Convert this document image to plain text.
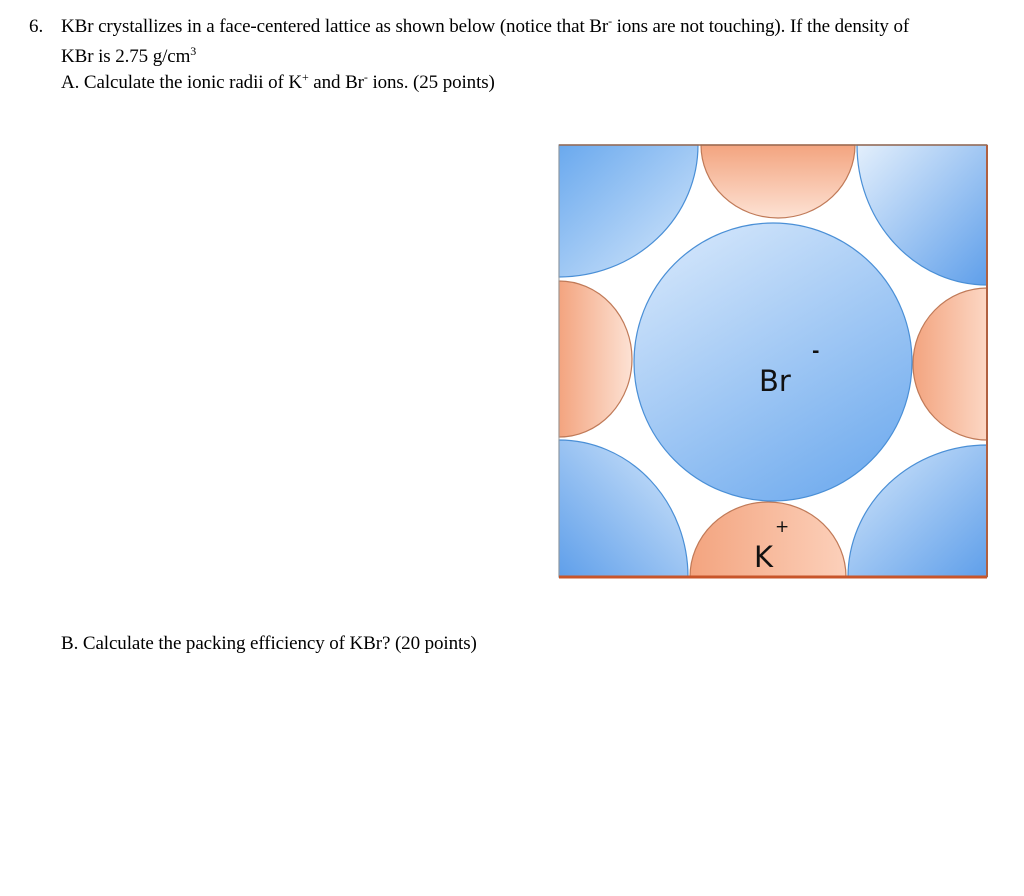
6. KBr crystallizes in a face-centered lattice as shown below (notice that Br- ions are not touching). If the density of
KBr is 2.75 $g/cm^3$
A. Calculate the ionic radii of K+ and Br- ions. (25 points)
B. Calculate the packing efficiency of KBr? (20 points)
Br
-
K
+
